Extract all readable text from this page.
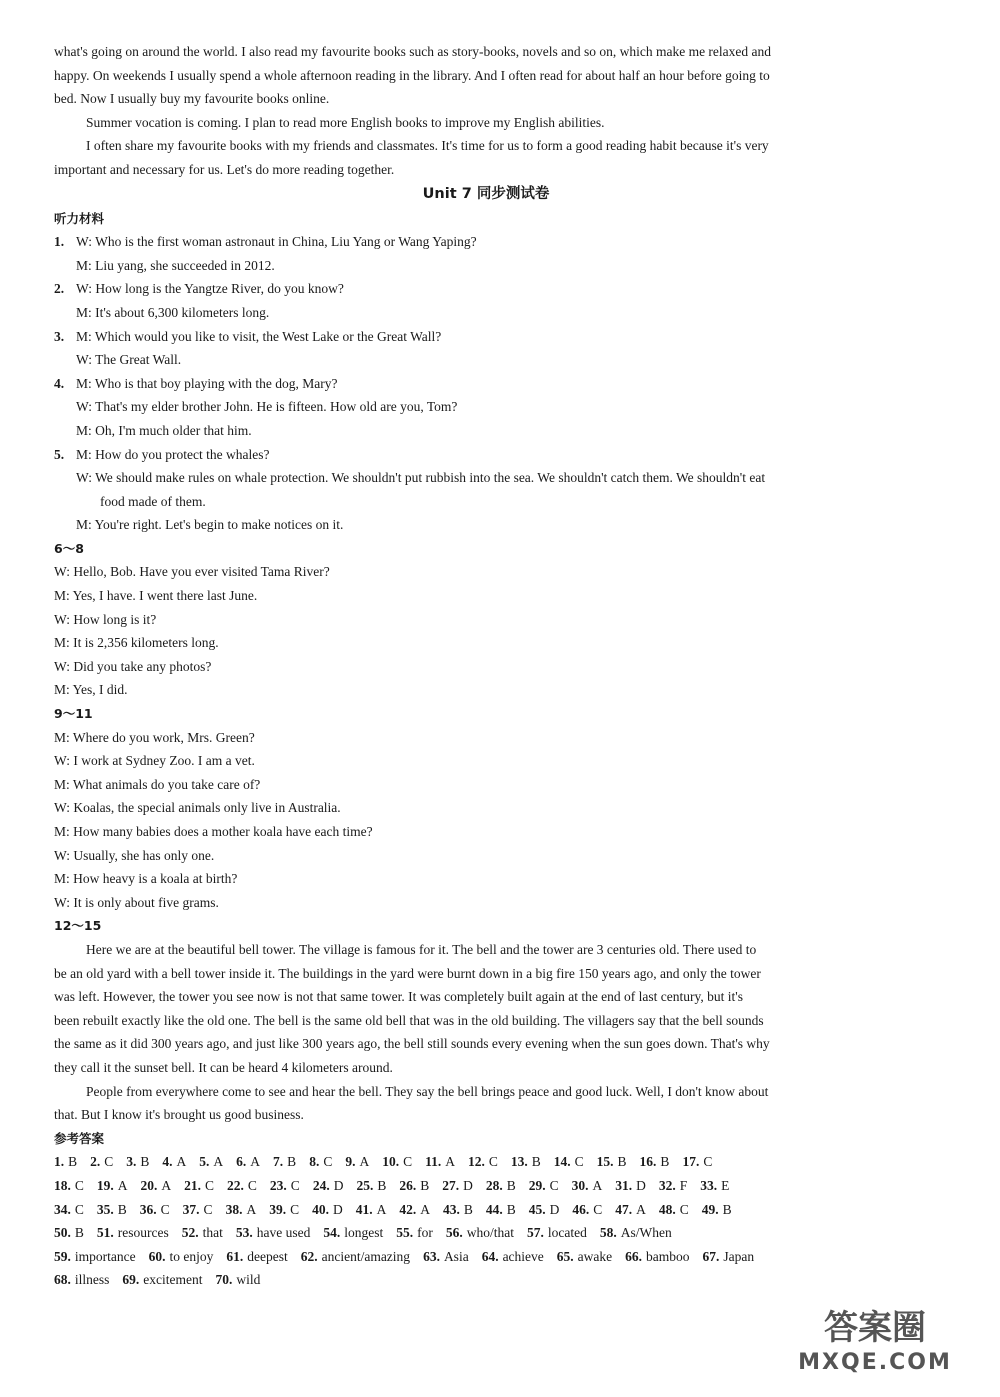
what's going on around the world. I also read my favourite books such as story-books, novels and so on, which make me relaxed and
happy. On weekends I usually spend a whole afternoon reading in the library. And I often read for about half an hour before going to
bed. Now I usually buy my favourite books online.
Summer vocation is coming. I plan to read more English books to improve my English abilities.
I often share my favourite books with my friends and classmates. It's time for us to form a good reading habit because it's very
important and necessary for us. Let's do more reading together.
Unit 7 同步测试卷
听力材料
1. W: Who is the first woman astronaut in China, Liu Yang or Wang Yaping?
M: Liu yang, she succeeded in 2012.
2. W: How long is the Yangtze River, do you know?
M: It's about 6,300 kilometers long.
3. M: Which would you like to visit, the West Lake or the Great Wall?
W: The Great Wall.
4. M: Who is that boy playing with the dog, Mary?
W: That's my elder brother John. He is fifteen. How old are you, Tom?
M: Oh, I'm much older that him.
5. M: How do you protect the whales?
W: We should make rules on whale protection. We shouldn't put rubbish into the sea. We shouldn't catch them. We shouldn't eat
food made of them.
M: You're right. Let's begin to make notices on it.
6～8
W: Hello, Bob. Have you ever visited Tama River?
M: Yes, I have. I went there last June.
W: How long is it?
M: It is 2,356 kilometers long.
W: Did you take any photos?
M: Yes, I did.
9～11
M: Where do you work, Mrs. Green?
W: I work at Sydney Zoo. I am a vet.
M: What animals do you take care of?
W: Koalas, the special animals only live in Australia.
M: How many babies does a mother koala have each time?
W: Usually, she has only one.
M: How heavy is a koala at birth?
W: It is only about five grams.
12～15
Here we are at the beautiful bell tower. The village is famous for it. The bell and the tower are 3 centuries old. There used to
be an old yard with a bell tower inside it. The buildings in the yard were burnt down in a big fire 150 years ago, and only the tower
was left. However, the tower you see now is not that same tower. It was completely built again at the end of last century, but it's
been rebuilt exactly like the old one. The bell is the same old bell that was in the old building. The villagers say that the bell sounds
the same as it did 300 years ago, and just like 300 years ago, the bell still sounds every evening when the sun goes down. That's why
they call it the sunset bell. It can be heard 4 kilometers around.
People from everywhere come to see and hear the bell. They say the bell brings peace and good luck. Well, I don't know about
that. But I know it's brought us good business.
参考答案
1. B 2. C 3. B 4. A 5. A 6. A 7. B 8. C 9. A 10. C 11. A 12. C 13. B 14. C 15. B 16. B 17. C
18. C 19. A 20. A 21. C 22. C 23. C 24. D 25. B 26. B 27. D 28. B 29. C 30. A 31. D 32. F 33. E
34. C 35. B 36. C 37. C 38. A 39. C 40. D 41. A 42. A 43. B 44. B 45. D 46. C 47. A 48. C 49. B
50. B 51. resources 52. that 53. have used 54. longest 55. for 56. who/that 57. located 58. As/When
59. importance 60. to enjoy 61. deepest 62. ancient/amazing 63. Asia 64. achieve 65. awake 66. bamboo 67. Japan
68. illness 69. excitement 70. wild
答案圈
MXQE.COM
